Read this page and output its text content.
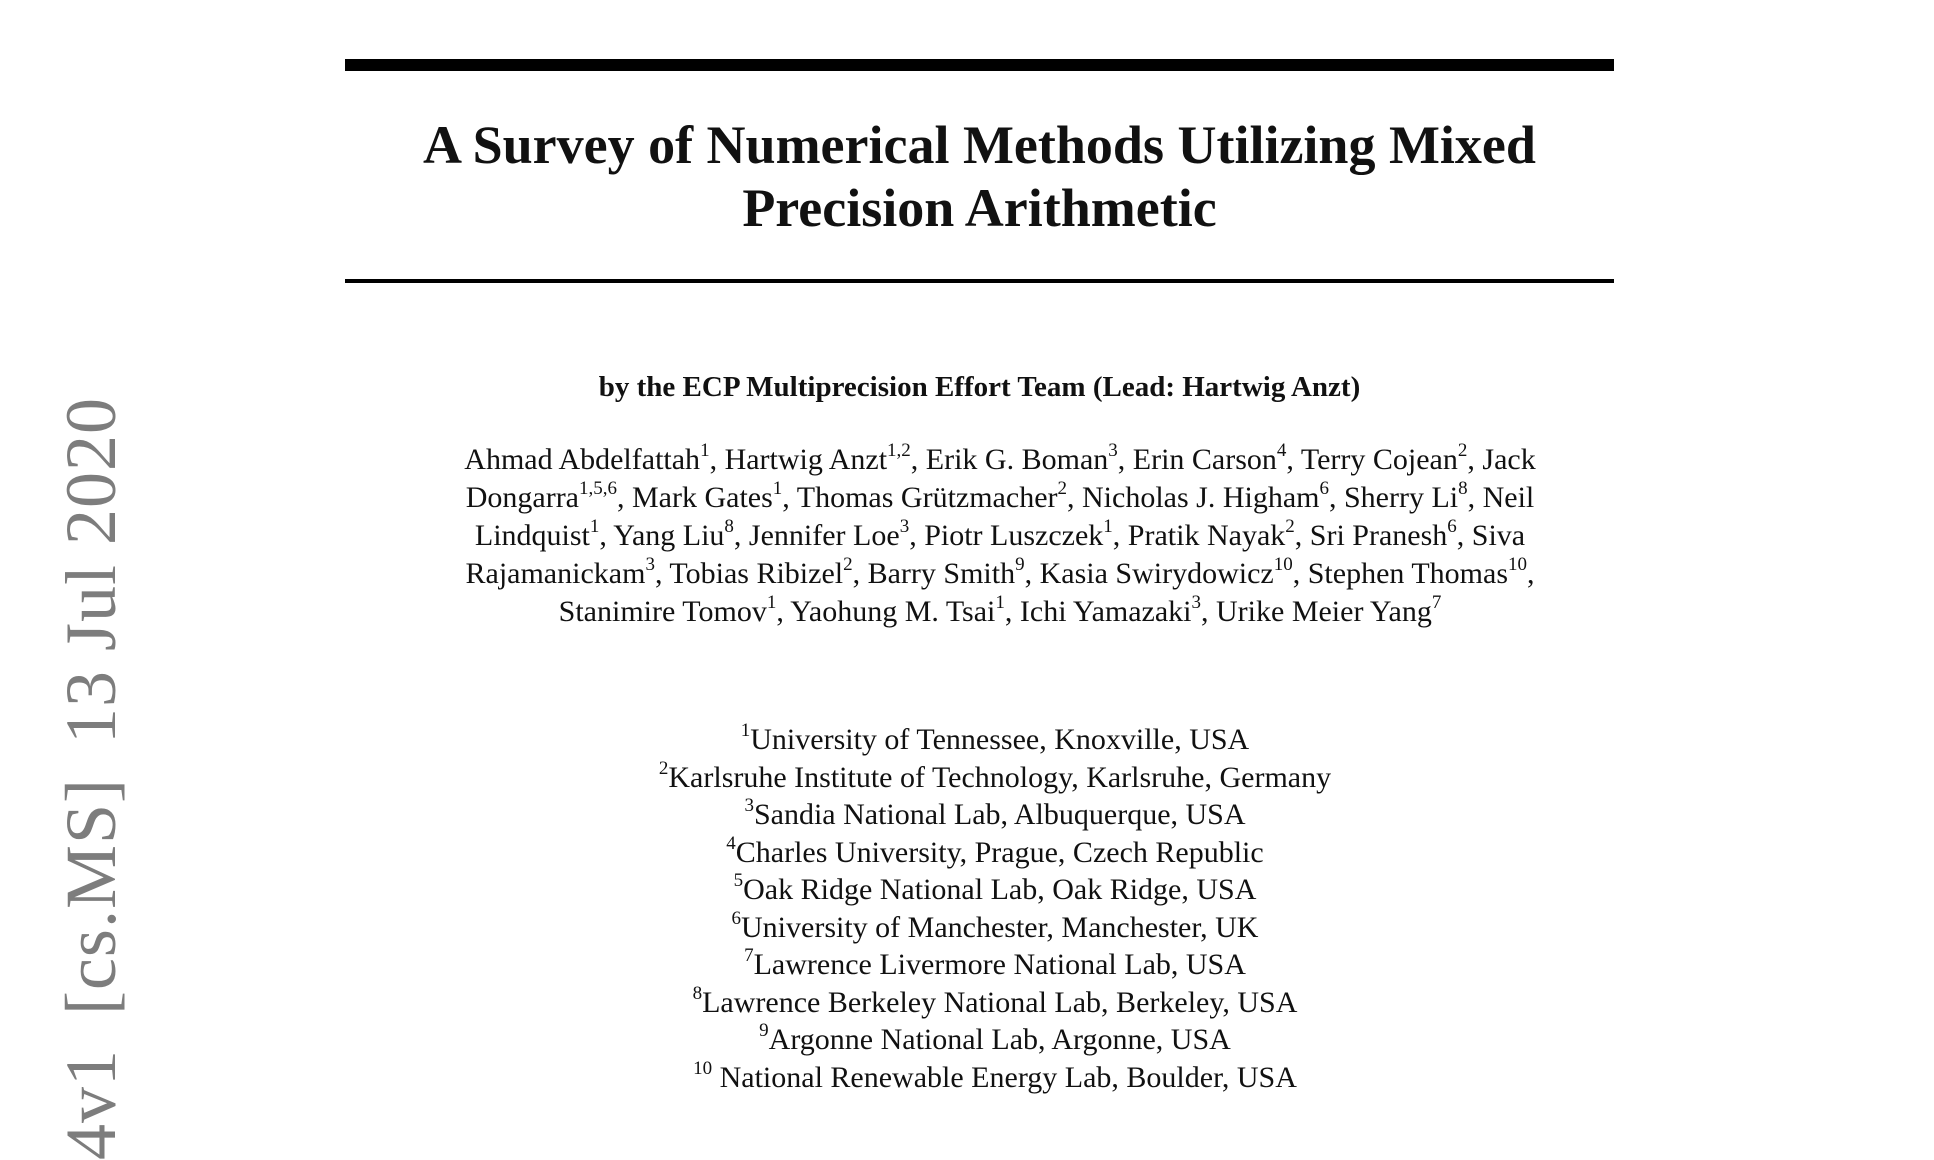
4v1[cs.MS]13 Jul 2020
A Survey of Numerical Methods Utilizing Mixed
Precision Arithmetic
by the ECP Multiprecision Effort Team (Lead: Hartwig Anzt)
Ahmad Abdelfattah$^1$, Hartwig Anzt$^{1,2}$, Erik G. Boman$^3$, Erin Carson$^4$, Terry Cojean$^2$, Jack Dongarra$^{1,5,6}$, Mark Gates$^1$, Thomas Grützmacher$^2$, Nicholas J. Higham$^6$, Sherry Li$^8$, Neil Lindquist$^1$, Yang Liu$^8$, Jennifer Loe$^3$, Piotr Luszczek$^1$, Pratik Nayak$^2$, Sri Pranesh$^6$, Siva Rajamanickam$^3$, Tobias Ribizel$^2$, Barry Smith$^9$, Kasia Swirydowicz$^{10}$, Stephen Thomas$^{10}$, Stanimire Tomov$^1$, Yaohung M. Tsai$^1$, Ichi Yamazaki$^3$, Urike Meier Yang$^7$
$^1$University of Tennessee, Knoxville, USA
$^2$Karlsruhe Institute of Technology, Karlsruhe, Germany
$^3$Sandia National Lab, Albuquerque, USA
$^4$Charles University, Prague, Czech Republic
$^5$Oak Ridge National Lab, Oak Ridge, USA
$^6$University of Manchester, Manchester, UK
$^7$Lawrence Livermore National Lab, USA
$^8$Lawrence Berkeley National Lab, Berkeley, USA
$^9$Argonne National Lab, Argonne, USA
$^{10}$ National Renewable Energy Lab, Boulder, USA
